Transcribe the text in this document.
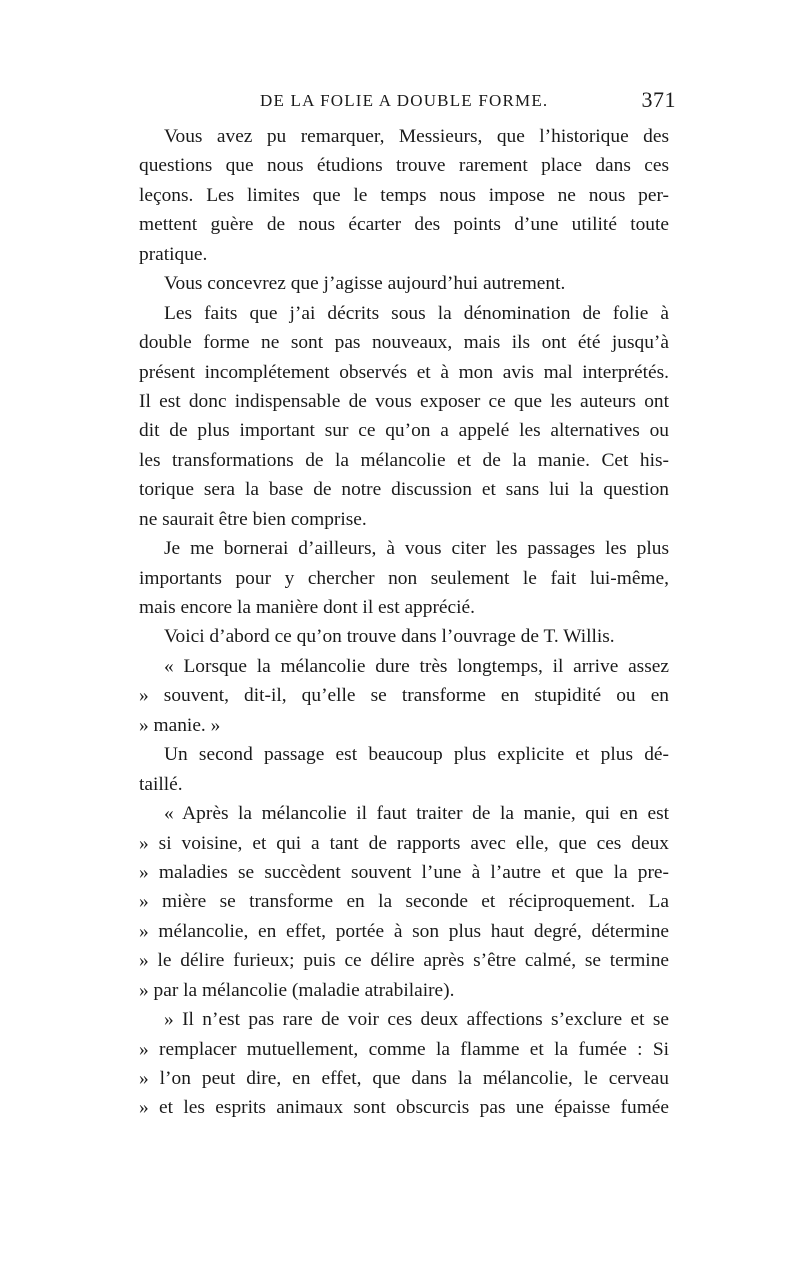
DE LA FOLIE A DOUBLE FORME.	371
Vous avez pu remarquer, Messieurs, que l’historique des
questions que nous étudions trouve rarement place dans ces
leçons. Les limites que le temps nous impose ne nous per-
mettent guère de nous écarter des points d’une utilité toute
pratique.
Vous concevrez que j’agisse aujourd’hui autrement.
Les faits que j’ai décrits sous la dénomination de folie à
double forme ne sont pas nouveaux, mais ils ont été jusqu’à
présent incomplétement observés et à mon avis mal interprétés.
Il est donc indispensable de vous exposer ce que les auteurs ont
dit de plus important sur ce qu’on a appelé les alternatives ou
les transformations de la mélancolie et de la manie. Cet his-
torique sera la base de notre discussion et sans lui la question
ne saurait être bien comprise.
Je me bornerai d’ailleurs, à vous citer les passages les plus
importants pour y chercher non seulement le fait lui-même,
mais encore la manière dont il est apprécié.
Voici d’abord ce qu’on trouve dans l’ouvrage de T. Willis.
« Lorsque la mélancolie dure très longtemps, il arrive assez
» souvent, dit-il, qu’elle se transforme en stupidité ou en
» manie. »
Un second passage est beaucoup plus explicite et plus dé-
taillé.
« Après la mélancolie il faut traiter de la manie, qui en est
» si voisine, et qui a tant de rapports avec elle, que ces deux
» maladies se succèdent souvent l’une à l’autre et que la pre-
» mière se transforme en la seconde et réciproquement. La
» mélancolie, en effet, portée à son plus haut degré, détermine
» le délire furieux; puis ce délire après s’être calmé, se termine
» par la mélancolie (maladie atrabilaire).
» Il n’est pas rare de voir ces deux affections s’exclure et se
» remplacer mutuellement, comme la flamme et la fumée : Si
» l’on peut dire, en effet, que dans la mélancolie, le cerveau
» et les esprits animaux sont obscurcis pas une épaisse fumée
